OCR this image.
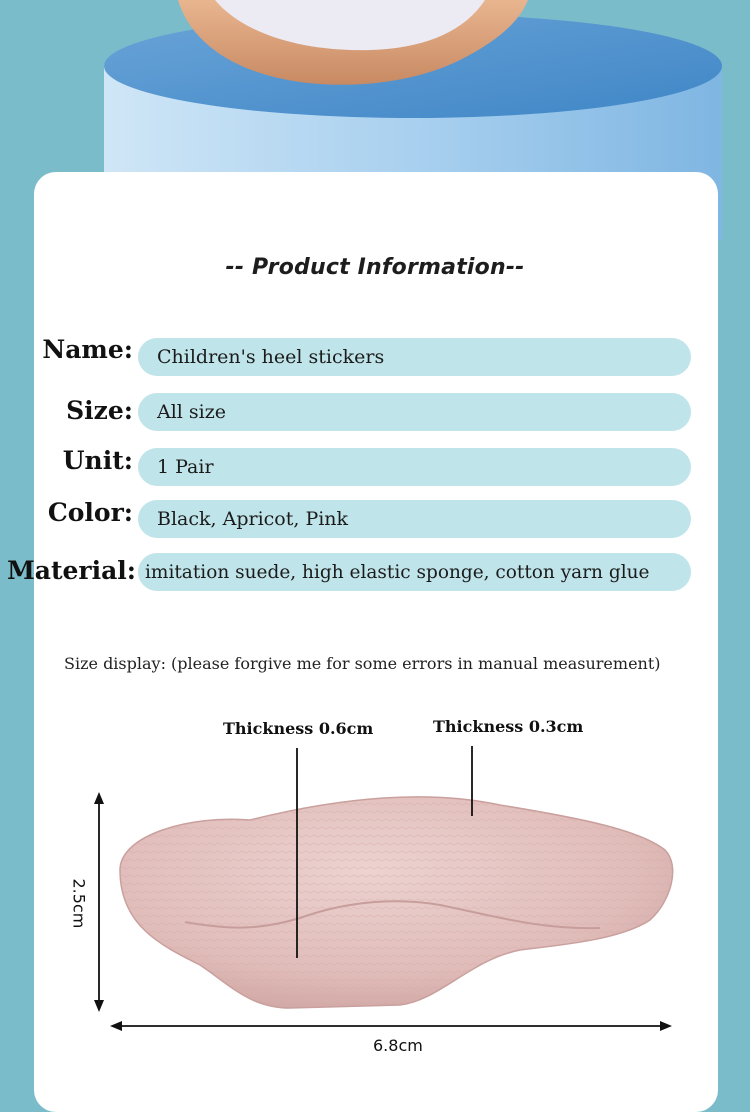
-- Product Information--
Name:	Children's heel stickers
Size:	All size
Unit:	1 Pair
Color:	Black, Apricot, Pink
Material: imitation suede, high elastic sponge, cotton yarn glue
Size display: (please forgive me for some errors in manual measurement)
Thickness 0.6cm	Thickness 0.3cm
2.5cm
6.8cm
